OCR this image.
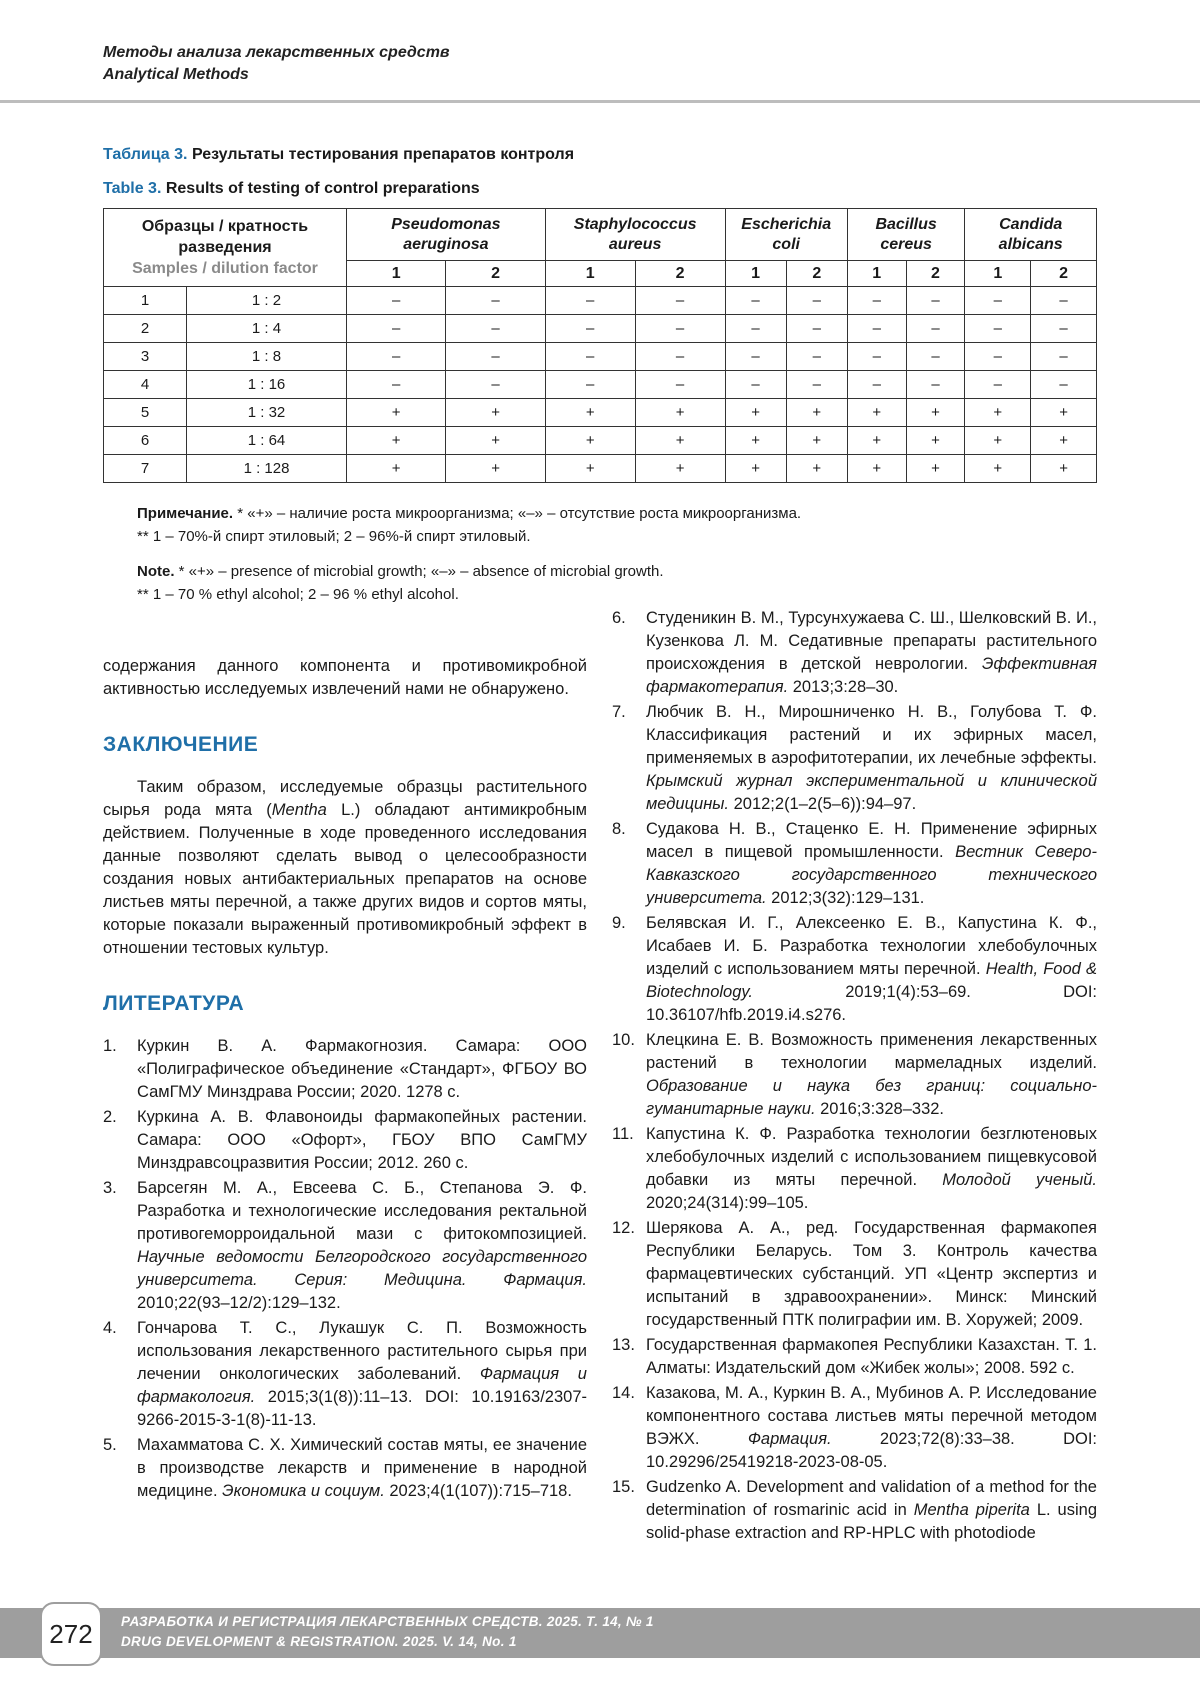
Методы анализа лекарственных средств
Analytical Methods
Таблица 3. Результаты тестирования препаратов контроля
Table 3. Results of testing of control preparations
Образцы / кратность разведения
Samples / dilution factor		Pseudomonas aeruginosa		Staphylococcus aureus		Escherichia coli		Bacillus cereus		Candida albicans	
		1	2	1	2	1	2	1	2	1	2
1	1 : 2	–	–	–	–	–	–	–	–	–	–
2	1 : 4	–	–	–	–	–	–	–	–	–	–
3	1 : 8	–	–	–	–	–	–	–	–	–	–
4	1 : 16	–	–	–	–	–	–	–	–	–	–
5	1 : 32	+	+	+	+	+	+	+	+	+	+
6	1 : 64	+	+	+	+	+	+	+	+	+	+
7	1 : 128	+	+	+	+	+	+	+	+	+	+

Примечание. * «+» – наличие роста микроорганизма; «–» – отсутствие роста микроорганизма.

** 1 – 70%-й спирт этиловый; 2 – 96%-й спирт этиловый.

Note. * «+» – presence of microbial growth; «–» – absence of microbial growth.

** 1 – 70 % ethyl alcohol; 2 – 96 % ethyl alcohol.

содержания данного компонента и противомикробной активностью исследуемых извлечений нами не обнаружено.

ЗАКЛЮЧЕНИЕ

Таким образом, исследуемые образцы растительного сырья рода мята (Mentha L.) обладают антимикробным действием. Полученные в ходе проведенного исследования данные позволяют сделать вывод о целесообразности создания новых антибактериальных препаратов на основе листьев мяты перечной, а также других видов и сортов мяты, которые показали выраженный противомикробный эффект в отношении тестовых культур.

ЛИТЕРАТУРА
1.	Куркин В. А. Фармакогнозия. Самара: ООО «Полиграфическое объединение «Стандарт», ФГБОУ ВО СамГМУ Минздрава России; 2020. 1278 с.
2.	Куркина А. В. Флавоноиды фармакопейных растении. Самара: ООО «Офорт», ГБОУ ВПО СамГМУ Минздравсоцразвития России; 2012. 260 с.
3.	Барсегян М. А., Евсеева С. Б., Степанова Э. Ф. Разработка и технологические исследования ректальной противогеморроидальной мази с фитокомпозицией. Научные ведомости Белгородского государственного университета. Серия: Медицина. Фармация. 2010;22(93–12/2):129–132.
4.	Гончарова Т. С., Лукашук С. П. Возможность использования лекарственного растительного сырья при лечении онкологических заболеваний. Фармация и фармакология. 2015;3(1(8)):11–13. DOI: 10.19163/2307-9266-2015-3-1(8)-11-13.
5.	Махамматова С. Х. Химический состав мяты, ее значение в производстве лекарств и применение в народной медицине. Экономика и социум. 2023;4(1(107)):715–718.
6.	Студеникин В. М., Турсунхужаева С. Ш., Шелковский В. И., Кузенкова Л. М. Седативные препараты растительного происхождения в детской неврологии. Эффективная фармакотерапия. 2013;3:28–30.
7.	Любчик В. Н., Мирошниченко Н. В., Голубова Т. Ф. Классификация растений и их эфирных масел, применяемых в аэрофитотерапии, их лечебные эффекты. Крымский журнал экспериментальной и клинической медицины. 2012;2(1–2(5–6)):94–97.
8.	Судакова Н. В., Стаценко Е. Н. Применение эфирных масел в пищевой промышленности. Вестник Северо-Кавказского государственного технического университета. 2012;3(32):129–131.
9.	Белявская И. Г., Алексеенко Е. В., Капустина К. Ф., Исабаев И. Б. Разработка технологии хлебобулочных изделий с использованием мяты перечной. Health, Food & Biotechnology. 2019;1(4):53–69. DOI: 10.36107/hfb.2019.i4.s276.
10. Клецкина Е. В. Возможность применения лекарственных растений в технологии мармеладных изделий. Образование и наука без границ: социально-гуманитарные науки. 2016;3:328–332.
11. Капустина К. Ф. Разработка технологии безглютеновых хлебобулочных изделий с использованием пищевкусовой добавки из мяты перечной. Молодой ученый. 2020;24(314):99–105.
12. Шерякова А. А., ред. Государственная фармакопея Республики Беларусь. Том 3. Контроль качества фармацевтических субстанций. УП «Центр экспертиз и испытаний в здравоохранении». Минск: Минский государственный ПТК полиграфии им. В. Хоружей; 2009.
13. Государственная фармакопея Республики Казахстан. Т. 1. Алматы: Издательский дом «Жибек жолы»; 2008. 592 с.
14. Казакова, М. А., Куркин В. А., Мубинов А. Р. Исследование компонентного состава листьев мяты перечной методом ВЭЖХ. Фармация. 2023;72(8):33–38. DOI: 10.29296/25419218-2023-08-05.
15. Gudzenko A. Development and validation of a method for the determination of rosmarinic acid in Mentha piperita L. using solid-phase extraction and RP-HPLC with photodiode
272	РАЗРАБОТКА И РЕГИСТРАЦИЯ ЛЕКАРСТВЕННЫХ СРЕДСТВ. 2025. Т. 14, № 1
DRUG DEVELOPMENT & REGISTRATION. 2025. V. 14, No. 1
